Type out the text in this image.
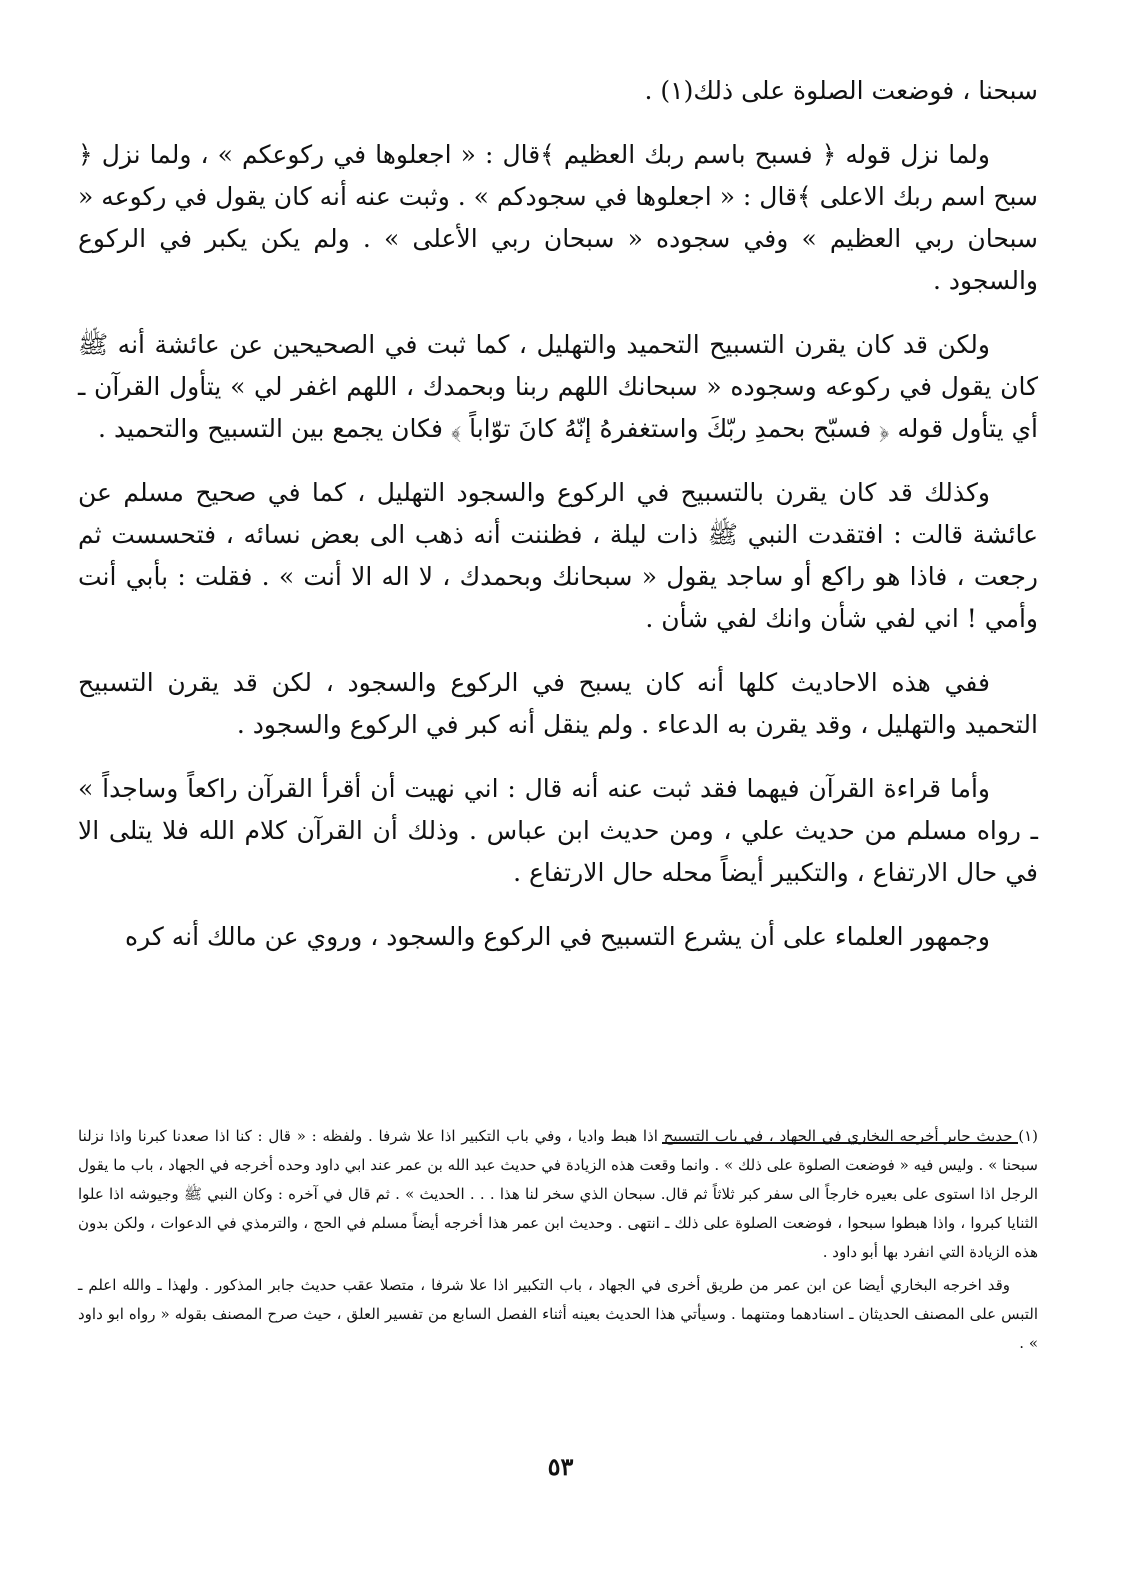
سبحنا ، فوضعت الصلوة على ذلك(١) .

ولما نزل قوله ﴿ فسبح باسم ربك العظيم ﴾قال : « اجعلوها في ركوعكم » ، ولما نزل ﴿ سبح اسم ربك الاعلى ﴾قال : « اجعلوها في سجودكم » . وثبت عنه أنه كان يقول في ركوعه « سبحان ربي العظيم » وفي سجوده « سبحان ربي الأعلى » . ولم يكن يكبر في الركوع والسجود .

ولكن قد كان يقرن التسبيح التحميد والتهليل ، كما ثبت في الصحيحين عن عائشة أنه ﷺ كان يقول في ركوعه وسجوده « سبحانك اللهم ربنا وبحمدك ، اللهم اغفر لي » يتأول القرآن ـ أي يتأول قوله ﴿ فسبّح بحمدِ ربّكَ واستغفرهُ إنّهُ كانَ توّاباً ﴾ فكان يجمع بين التسبيح والتحميد .

وكذلك قد كان يقرن بالتسبيح في الركوع والسجود التهليل ، كما في صحيح مسلم عن عائشة قالت : افتقدت النبي ﷺ ذات ليلة ، فظننت أنه ذهب الى بعض نسائه ، فتحسست ثم رجعت ، فاذا هو راكع أو ساجد يقول « سبحانك وبحمدك ، لا اله الا أنت » . فقلت : بأبي أنت وأمي ! اني لفي شأن وانك لفي شأن .

ففي هذه الاحاديث كلها أنه كان يسبح في الركوع والسجود ، لكن قد يقرن التسبيح التحميد والتهليل ، وقد يقرن به الدعاء . ولم ينقل أنه كبر في الركوع والسجود .

وأما قراءة القرآن فيهما فقد ثبت عنه أنه قال : اني نهيت أن أقرأ القرآن راكعاً وساجداً » ـ رواه مسلم من حديث علي ، ومن حديث ابن عباس . وذلك أن القرآن كلام الله فلا يتلى الا في حال الارتفاع ، والتكبير أيضاً محله حال الارتفاع .

وجمهور العلماء على أن يشرع التسبيح في الركوع والسجود ، وروي عن مالك أنه كره

(١) حديث جابر أخرجه البخاري في الجهاد ، في باب التسبيح اذا هبط واديا ، وفي باب التكبير اذا علا شرفا . ولفظه : « قال : كنا اذا صعدنا كبرنا واذا نزلنا سبحنا » . وليس فيه « فوضعت الصلوة على ذلك » . وانما وقعت هذه الزيادة في حديث عبد الله بن عمر عند ابي داود وحده أخرجه في الجهاد ، باب ما يقول الرجل اذا استوى على بعيره خارجاً الى سفر كبر ثلاثاً ثم قال. سبحان الذي سخر لنا هذا . . . الحديث » . ثم قال في آخره : وكان النبي ﷺ وجيوشه اذا علوا الثنايا كبروا ، واذا هبطوا سبحوا ، فوضعت الصلوة على ذلك ـ انتهى . وحديث ابن عمر هذا أخرجه أيضاً مسلم في الحج ، والترمذي في الدعوات ، ولكن بدون هذه الزيادة التي انفرد بها أبو داود .

وقد اخرجه البخاري أيضا عن ابن عمر من طريق أخرى في الجهاد ، باب التكبير اذا علا شرفا ، متصلا عقب حديث جابر المذكور . ولهذا ـ والله اعلم ـ التبس على المصنف الحديثان ـ اسنادهما ومتنهما . وسيأتي هذا الحديث بعينه أثناء الفصل السابع من تفسير العلق ، حيث صرح المصنف بقوله « رواه ابو داود » .

٥٣
